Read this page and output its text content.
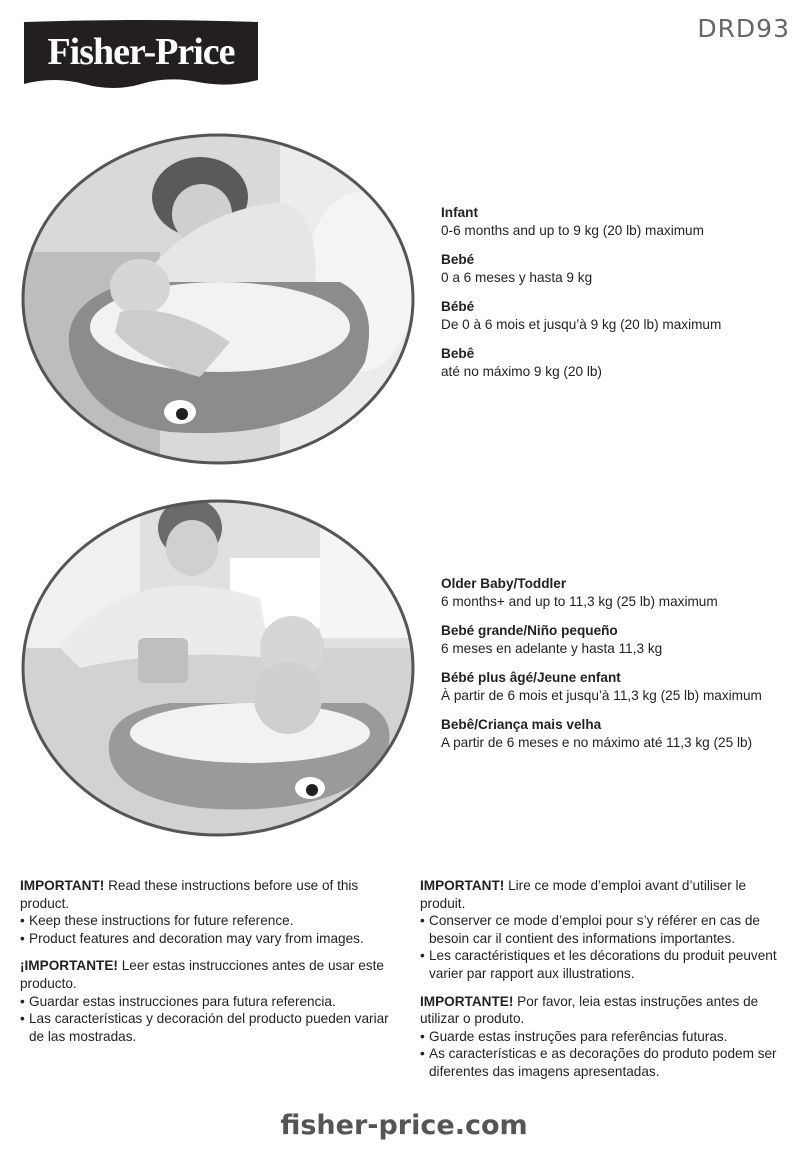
Fisher-Price
DRD93
Infant
0-6 months and up to 9 kg (20 lb) maximum
Bebé
0 a 6 meses y hasta 9 kg
Bébé
De 0 à 6 mois et jusqu’à 9 kg (20 lb) maximum
Bebê
até no máximo 9 kg (20 lb)
Older Baby/Toddler
6 months+ and up to 11,3 kg (25 lb) maximum
Bebé grande/Niño pequeño
6 meses en adelante y hasta 11,3 kg
Bébé plus âgé/Jeune enfant
À partir de 6 mois et jusqu’à 11,3 kg (25 lb) maximum
Bebê/Criança mais velha
A partir de 6 meses e no máximo até 11,3 kg (25 lb)

IMPORTANT! Read these instructions before use of this product.

• Keep these instructions for future reference.
• Product features and decoration may vary from images.

¡IMPORTANTE! Leer estas instrucciones antes de usar este producto.

• Guardar estas instrucciones para futura referencia.
• Las características y decoración del producto pueden variar de las mostradas.

IMPORTANT! Lire ce mode d’emploi avant d’utiliser le produit.

• Conserver ce mode d’emploi pour s’y référer en cas de besoin car il contient des informations importantes.
• Les caractéristiques et les décorations du produit peuvent varier par rapport aux illustrations.

IMPORTANTE! Por favor, leia estas instruções antes de utilizar o produto.

• Guarde estas instruções para referências futuras.
• As características e as decorações do produto podem ser diferentes das imagens apresentadas.
fisher-price.com
